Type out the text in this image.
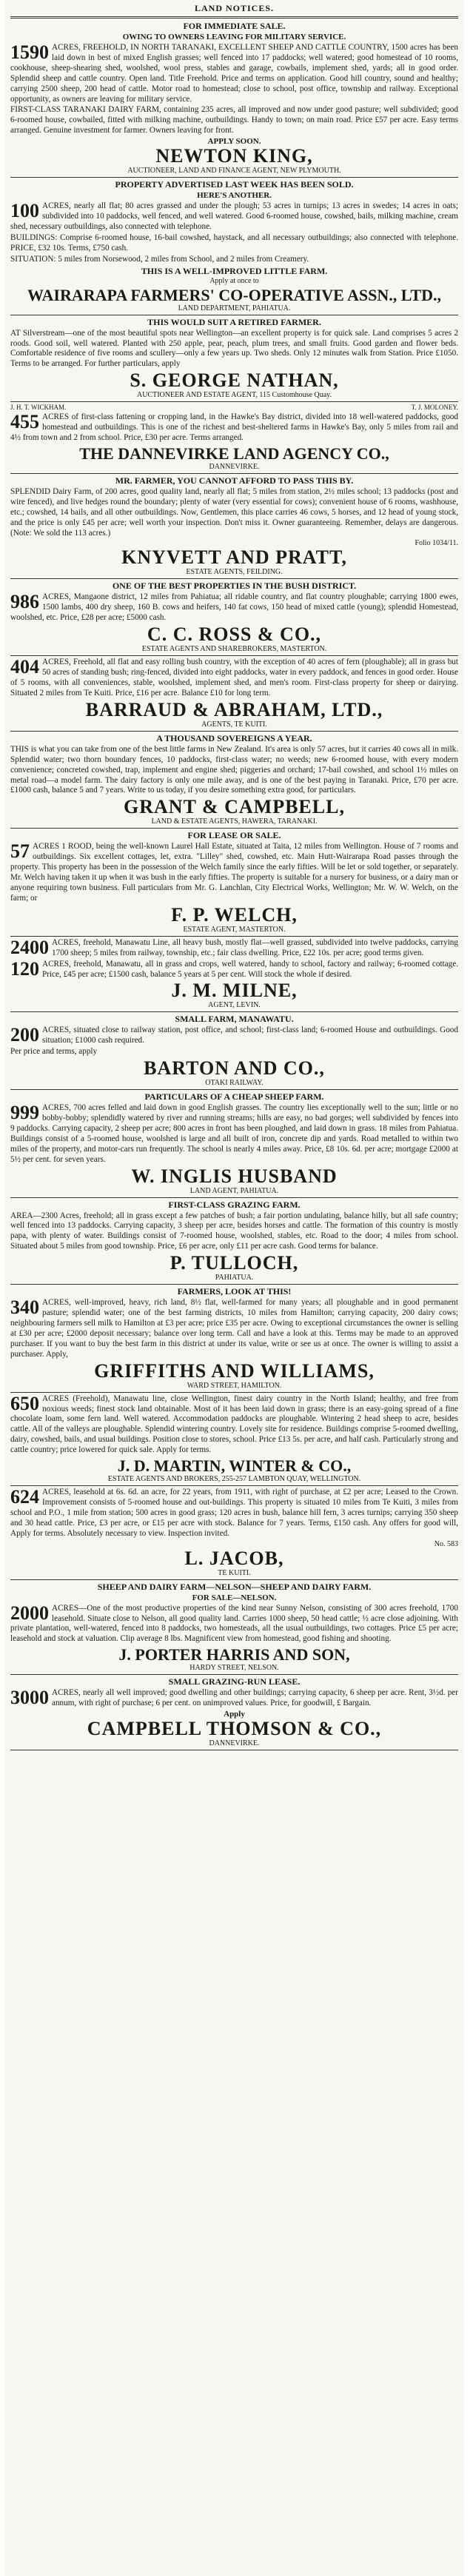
LAND NOTICES.
FOR IMMEDIATE SALE.
OWING TO OWNERS LEAVING FOR MILITARY SERVICE.
1590 ACRES, FREEHOLD, IN NORTH TARANAKI, EXCELLENT SHEEP AND CATTLE COUNTRY, 1500 acres has been laid down in best of mixed English grasses; well fenced into 17 paddocks; well watered; good homestead of 10 rooms, cookhouse, sheep-shearing shed, woolshed, wool press, stables and garage, cowbails, implement shed, yards; all in good order. Splendid sheep and cattle country. Open land. Title Freehold. Price and terms on application. Good hill country, sound and healthy; carrying 2500 sheep, 200 head of cattle. Motor road to homestead; close to school, post office, township and railway. Exceptional opportunity, as owners are leaving for military service.
FIRST-CLASS TARANAKI DAIRY FARM, containing 235 acres, all improved and now under good pasture; well subdivided; good 6-roomed house, cowbailed, fitted with milking machine, outbuildings. Handy to town; on main road. Price £57 per acre. Easy terms arranged. Genuine investment for farmer. Owners leaving for front.
APPLY SOON.
NEWTON KING,
AUCTIONEER, LAND AND FINANCE AGENT, NEW PLYMOUTH.
PROPERTY ADVERTISED LAST WEEK HAS BEEN SOLD.
HERE'S ANOTHER.
100 ACRES, nearly all flat; 80 acres grassed and under the plough; 53 acres in turnips; 13 acres in swedes; 14 acres in oats; subdivided into 10 paddocks, well fenced, and well watered. Good 6-roomed house, cowshed, bails, milking machine, cream shed, necessary outbuildings, also connected with telephone.
BUILDINGS: Comprise 6-roomed house, 16-bail cowshed, haystack, and all necessary outbuildings; also connected with telephone. PRICE, £32 10s. Terms, £750 cash.
SITUATION: 5 miles from Norsewood, 2 miles from School, and 2 miles from Creamery.
THIS IS A WELL-IMPROVED LITTLE FARM.
Apply at once to
WAIRARAPA FARMERS' CO-OPERATIVE ASSN., LTD.,
LAND DEPARTMENT, PAHIATUA.
THIS WOULD SUIT A RETIRED FARMER.
AT Silverstream—one of the most beautiful spots near Wellington—an excellent property is for quick sale. Land comprises 5 acres 2 roods. Good soil, well watered. Planted with 250 apple, pear, peach, plum trees, and small fruits. Good garden and flower beds. Comfortable residence of five rooms and scullery—only a few years up. Two sheds. Only 12 minutes walk from Station. Price £1050. Terms to be arranged. For further particulars, apply
S. GEORGE NATHAN,
AUCTIONEER AND ESTATE AGENT, 115 Customhouse Quay.
J. H. T. WICKHAM.	T. J. MOLONEY.
455 ACRES of first-class fattening or cropping land, in the Hawke's Bay district, divided into 18 well-watered paddocks, good homestead and outbuildings. This is one of the richest and best-sheltered farms in Hawke's Bay, only 5 miles from rail and 4½ from town and 2 from school. Price, £30 per acre. Terms arranged.
THE DANNEVIRKE LAND AGENCY CO.,
DANNEVIRKE.
MR. FARMER, YOU CANNOT AFFORD TO PASS THIS BY.
SPLENDID Dairy Farm, of 200 acres, good quality land, nearly all flat; 5 miles from station, 2½ miles school; 13 paddocks (post and wire fenced), and live hedges round the boundary; plenty of water (very essential for cows); convenient house of 6 rooms, washhouse, etc.; cowshed, 14 bails, and all other outbuildings. Now, Gentlemen, this place carries 46 cows, 5 horses, and 12 head of young stock, and the price is only £45 per acre; well worth your inspection. Don't miss it. Owner guaranteeing. Remember, delays are dangerous. (Note: We sold the 113 acres.)
Folio 1034/11.
KNYVETT AND PRATT,
ESTATE AGENTS, FEILDING.
ONE OF THE BEST PROPERTIES IN THE BUSH DISTRICT.
986 ACRES, Mangaone district, 12 miles from Pahiatua; all ridable country, and flat country ploughable; carrying 1800 ewes, 1500 lambs, 400 dry sheep, 160 B. cows and heifers, 140 fat cows, 150 head of mixed cattle (young); splendid Homestead, woolshed, etc. Price, £28 per acre; £5000 cash.
C. C. ROSS & CO.,
ESTATE AGENTS AND SHAREBROKERS, MASTERTON.
404 ACRES, Freehold, all flat and easy rolling bush country, with the exception of 40 acres of fern (ploughable); all in grass but 50 acres of standing bush; ring-fenced, divided into eight paddocks, water in every paddock, and fences in good order. House of 5 rooms, with all conveniences, stable, woolshed, implement shed, and men's room. First-class property for sheep or dairying. Situated 2 miles from Te Kuiti. Price, £16 per acre. Balance £10 for long term.
BARRAUD & ABRAHAM, LTD.,
AGENTS, TE KUITI.
A THOUSAND SOVEREIGNS A YEAR.
THIS is what you can take from one of the best little farms in New Zealand. It's area is only 57 acres, but it carries 40 cows all in milk. Splendid water; two thorn boundary fences, 10 paddocks, first-class water; no weeds; new 6-roomed house, with every modern convenience; concreted cowshed, trap, implement and engine shed; piggeries and orchard; 17-bail cowshed, and school 1½ miles on metal road—a model farm. The dairy factory is only one mile away, and is one of the best paying in Taranaki. Price, £70 per acre. £1000 cash, balance 5 and 7 years. Write to us today, if you desire something extra good, for particulars.
GRANT & CAMPBELL,
LAND & ESTATE AGENTS, HAWERA, TARANAKI.
FOR LEASE OR SALE.
57 ACRES 1 ROOD, being the well-known Laurel Hall Estate, situated at Taita, 12 miles from Wellington. House of 7 rooms and outbuildings. Six excellent cottages, let, extra. "Lilley" shed, cowshed, etc. Main Hutt-Wairarapa Road passes through the property. This property has been in the possession of the Welch family since the early fifties. Will be let or sold together, or separately. Mr. Welch having taken it up when it was bush in the early fifties. The property is suitable for a nursery for business, or a dairy man or anyone requiring town business. Full particulars from Mr. G. Lanchlan, City Electrical Works, Wellington; Mr. W. W. Welch, on the farm; or
F. P. WELCH,
ESTATE AGENT, MASTERTON.
2400 ACRES, freehold, Manawatu Line, all heavy bush, mostly flat—well grassed, subdivided into twelve paddocks, carrying 1700 sheep; 5 miles from railway, township, etc.; fair class dwelling. Price, £22 10s. per acre; good terms given.
120 ACRES, freehold, Manawatu, all in grass and crops, well watered, handy to school, factory and railway; 6-roomed cottage. Price, £45 per acre; £1500 cash, balance 5 years at 5 per cent. Will stock the whole if desired.
J. M. MILNE,
AGENT, LEVIN.
SMALL FARM, MANAWATU.
200 ACRES, situated close to railway station, post office, and school; first-class land; 6-roomed House and outbuildings. Good situation; £1000 cash required.
Per price and terms, apply
BARTON AND CO.,
OTAKI RAILWAY.
PARTICULARS OF A CHEAP SHEEP FARM.
999 ACRES, 700 acres felled and laid down in good English grasses. The country lies exceptionally well to the sun; little or no bobby-bobby; splendidly watered by river and running streams; hills are easy, no bad gorges; well subdivided by fences into 9 paddocks. Carrying capacity, 2 sheep per acre; 800 acres in front has been ploughed, and laid down in grass. 18 miles from Pahiatua. Buildings consist of a 5-roomed house, woolshed is large and all built of iron, concrete dip and yards. Road metalled to within two miles of the property, and motor-cars run frequently. The school is nearly 4 miles away. Price, £8 10s. 6d. per acre; mortgage £2000 at 5½ per cent. for seven years.
W. INGLIS HUSBAND
LAND AGENT, PAHIATUA.
FIRST-CLASS GRAZING FARM.
AREA—2300 Acres, freehold; all in grass except a few patches of bush; a fair portion undulating, balance hilly, but all safe country; well fenced into 13 paddocks. Carrying capacity, 3 sheep per acre, besides horses and cattle. The formation of this country is mostly papa, with plenty of water. Buildings consist of 7-roomed house, woolshed, stables, etc. Road to the door; 4 miles from school. Situated about 5 miles from good township. Price, £6 per acre, only £11 per acre cash. Good terms for balance.
P. TULLOCH,
PAHIATUA.
FARMERS, LOOK AT THIS!
340 ACRES, well-improved, heavy, rich land, 8½ flat, well-farmed for many years; all ploughable and in good permanent pasture; splendid water; one of the best farming districts, 10 miles from Hamilton; carrying capacity, 200 dairy cows; neighbouring farmers sell milk to Hamilton at £3 per acre; price £35 per acre. Owing to exceptional circumstances the owner is selling at £30 per acre; £2000 deposit necessary; balance over long term. Call and have a look at this. Terms may be made to an approved purchaser. If you want to buy the best farm in this district at under its value, write or see us at once. The owner is willing to assist a purchaser. Apply,
GRIFFITHS AND WILLIAMS,
WARD STREET, HAMILTON.
650 ACRES (Freehold), Manawatu line, close Wellington, finest dairy country in the North Island; healthy, and free from noxious weeds; finest stock land obtainable. Most of it has been laid down in grass; there is an easy-going spread of a fine chocolate loam, some fern land. Well watered. Accommodation paddocks are ploughable. Wintering 2 head sheep to acre, besides cattle. All of the valleys are ploughable. Splendid wintering country. Lovely site for residence. Buildings comprise 5-roomed dwelling, dairy, cowshed, bails, and usual buildings. Position close to stores, school. Price £13 5s. per acre, and half cash. Particularly strong and cattle country; price lowered for quick sale. Apply for terms.
J. D. MARTIN, WINTER & CO.,
ESTATE AGENTS AND BROKERS, 255-257 LAMBTON QUAY, WELLINGTON.
624 ACRES, leasehold at 6s. 6d. an acre, for 22 years, from 1911, with right of purchase, at £2 per acre; Leased to the Crown. Improvement consists of 5-roomed house and out-buildings. This property is situated 10 miles from Te Kuiti, 3 miles from school and P.O., 1 mile from station; 500 acres in good grass; 120 acres in bush, balance hill fern, 3 acres turnips; carrying 350 sheep and 30 head cattle. Price, £3 per acre, or £15 per acre with stock. Balance for 7 years. Terms, £150 cash. Any offers for good will, Apply for terms. Absolutely necessary to view. Inspection invited.
No. 583
L. JACOB,
TE KUITI.
SHEEP AND DAIRY FARM—NELSON—SHEEP AND DAIRY FARM.
FOR SALE—NELSON.
2000 ACRES—One of the most productive properties of the kind near Sunny Nelson, consisting of 300 acres freehold, 1700 leasehold. Situate close to Nelson, all good quality land. Carries 1000 sheep, 50 head cattle; ½ acre close adjoining. With private plantation, well-watered, fenced into 8 paddocks, two homesteads, all the usual outbuildings, two cottages. Price £5 per acre; leasehold and stock at valuation. Clip average 8 lbs. Magnificent view from homestead, good fishing and shooting.
J. PORTER HARRIS AND SON,
HARDY STREET, NELSON.
SMALL GRAZING-RUN LEASE.
3000 ACRES, nearly all well improved; good dwelling and other buildings; carrying capacity, 6 sheep per acre. Rent, 3½d. per annum, with right of purchase; 6 per cent. on unimproved values. Price, for goodwill, £ Bargain.
Apply
CAMPBELL THOMSON & CO.,
DANNEVIRKE.
